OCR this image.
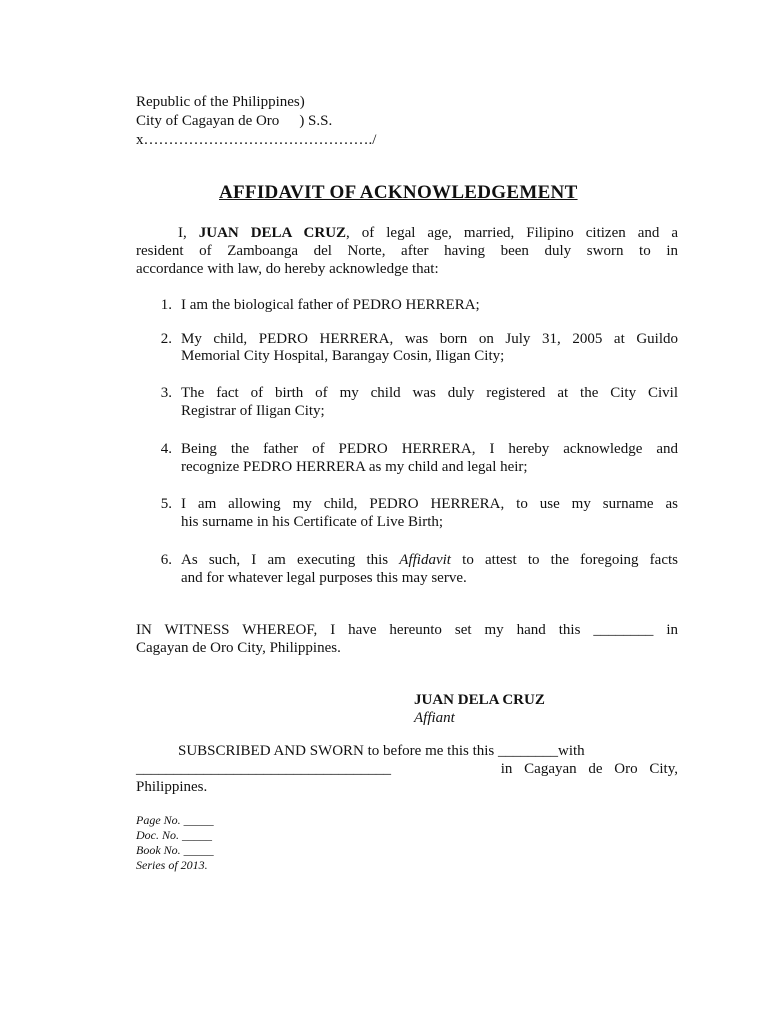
Republic of the Philippines)
City of Cagayan de Oro ) S.S.
x………………………………………./
AFFIDAVIT OF ACKNOWLEDGEMENT
I, JUAN DELA CRUZ, of legal age, married, Filipino citizen and a
resident of Zamboanga del Norte, after having been duly sworn to in
accordance with law, do hereby acknowledge that:
1. I am the biological father of PEDRO HERRERA;
2. My child, PEDRO HERRERA, was born on July 31, 2005 at Guildo
Memorial City Hospital, Barangay Cosin, Iligan City;
3. The fact of birth of my child was duly registered at the City Civil
Registrar of Iligan City;
4. Being the father of PEDRO HERRERA, I hereby acknowledge and
recognize PEDRO HERRERA as my child and legal heir;
5. I am allowing my child, PEDRO HERRERA, to use my surname as
his surname in his Certificate of Live Birth;
6. As such, I am executing this Affidavit to attest to the foregoing facts
and for whatever legal purposes this may serve.
IN WITNESS WHEREOF, I have hereunto set my hand this ________ in
Cagayan de Oro City, Philippines.
JUAN DELA CRUZ
Affiant
SUBSCRIBED AND SWORN to before me this this ________with
__________________________________	in Cagayan de Oro City,
Philippines.
Page No. _____
Doc. No. _____
Book No. _____
Series of 2013.
